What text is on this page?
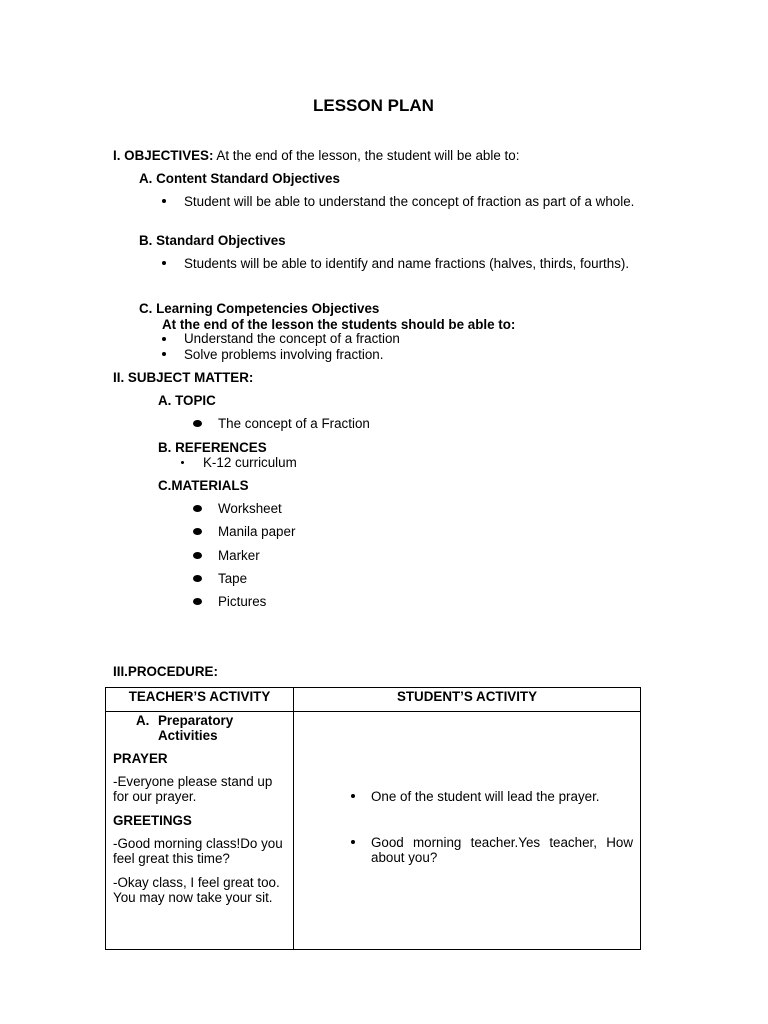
LESSON PLAN
I. OBJECTIVES: At the end of the lesson, the student will be able to:
A. Content Standard Objectives
Student will be able to understand the concept of fraction as part of a whole.
B. Standard Objectives
Students will be able to identify and name fractions (halves, thirds, fourths).
C. Learning Competencies Objectives
At the end of the lesson the students should be able to:
Understand the concept of a fraction
Solve problems involving fraction.
II. SUBJECT MATTER:
A. TOPIC
The concept of a Fraction
B. REFERENCES
K-12 curriculum
C.MATERIALS
Worksheet
Manila paper
Marker
Tape
Pictures
III.PROCEDURE:
TEACHER’S ACTIVITY	STUDENT’S ACTIVITY
A. Preparatory Activities
PRAYER
-Everyone please stand up for our prayer.
GREETINGS
-Good morning class!Do you feel great this time?
-Okay class, I feel great too. You may now take your sit.
One of the student will lead the prayer.
Good morning teacher.Yes teacher, How about you?
